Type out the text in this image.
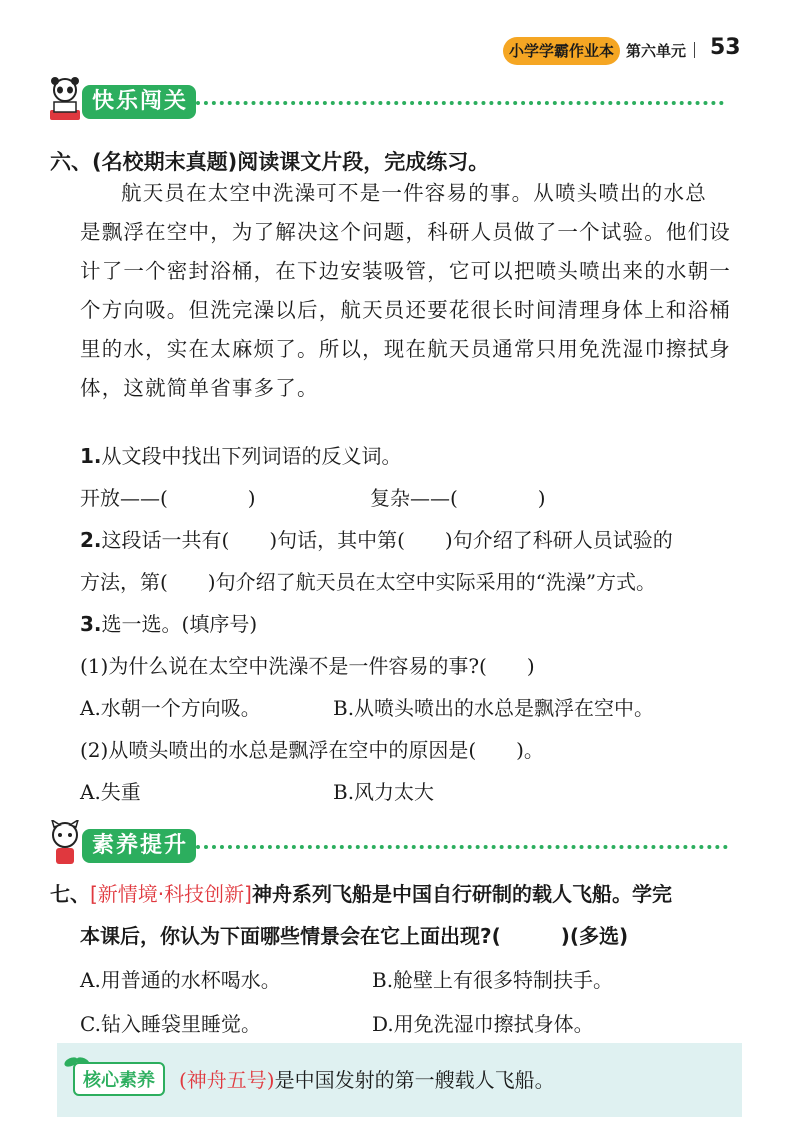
小学学霸作业本 第六单元 53
快乐闯关
六、(名校期末真题)阅读课文片段，完成练习。
航天员在太空中洗澡可不是一件容易的事。从喷头喷出的水总
是飘浮在空中，为了解决这个问题，科研人员做了一个试验。他们设
计了一个密封浴桶，在下边安装吸管，它可以把喷头喷出来的水朝一
个方向吸。但洗完澡以后，航天员还要花很长时间清理身体上和浴桶
里的水，实在太麻烦了。所以，现在航天员通常只用免洗湿巾擦拭身
体，这就简单省事多了。
1.从文段中找出下列词语的反义词。
开放——(　　　　)	复杂——(　　　　)
2.这段话一共有(　　)句话，其中第(　　)句介绍了科研人员试验的
方法，第(　　)句介绍了航天员在太空中实际采用的“洗澡”方式。
3.选一选。(填序号)
(1)为什么说在太空中洗澡不是一件容易的事?(　　)
A.水朝一个方向吸。	B.从喷头喷出的水总是飘浮在空中。
(2)从喷头喷出的水总是飘浮在空中的原因是(　　)。
A.失重	B.风力太大
素养提升
七、[新情境·科技创新]神舟系列飞船是中国自行研制的载人飞船。学完
本课后，你认为下面哪些情景会在它上面出现?(　　　)(多选)
A.用普通的水杯喝水。	B.舱壁上有很多特制扶手。
C.钻入睡袋里睡觉。	D.用免洗湿巾擦拭身体。
核心素养	(神舟五号)是中国发射的第一艘载人飞船。
